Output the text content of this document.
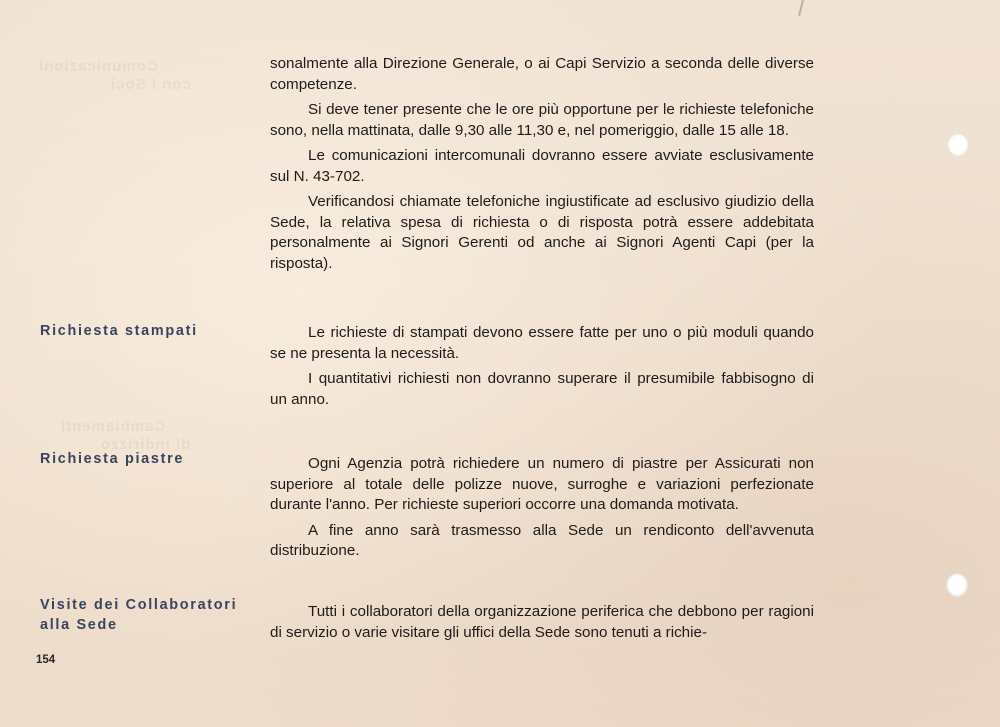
Comunicazioni
con i Soci
Cambiamenti
di indirizzo

sonalmente alla Direzione Generale, o ai Capi Servizio a seconda delle diverse competenze.

Si deve tener presente che le ore più opportune per le richieste telefoniche sono, nella mattinata, dalle 9,30 alle 11,30 e, nel pomeriggio, dalle 15 alle 18.

Le comunicazioni intercomunali dovranno essere avviate esclusivamente sul N. 43-702.

Verificandosi chiamate telefoniche ingiustificate ad esclusivo giudizio della Sede, la relativa spesa di richiesta o di risposta potrà essere addebitata personalmente ai Signori Gerenti od anche ai Signori Agenti Capi (per la risposta).

Richiesta stampati	Le richieste di stampati devono essere fatte per uno o più moduli quando se ne presenta la necessità.

I quantitativi richiesti non dovranno superare il presumibile fabbisogno di un anno.

Richiesta piastre	Ogni Agenzia potrà richiedere un numero di piastre per Assicurati non superiore al totale delle polizze nuove, surroghe e variazioni perfezionate durante l'anno. Per richieste superiori occorre una domanda motivata.

A fine anno sarà trasmesso alla Sede un rendiconto dell'avvenuta distribuzione.

Visite dei Collaboratori alla Sede

Tutti i collaboratori della organizzazione periferica che debbono per ragioni di servizio o varie visitare gli uffici della Sede sono tenuti a richie-

154
